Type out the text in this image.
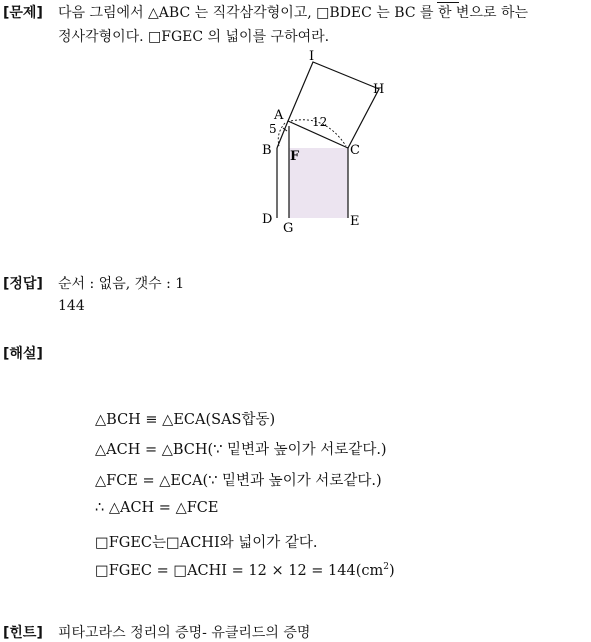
[문제] 다음 그림에서 △ABC 는 직각삼각형이고, □BDEC 는 BC 를 한 변으로 하는
정사각형이다. □FGEC 의 넓이를 구하여라.
I
H
A
C
B F
D
G	E
5	12
[정답] 순서 : 없음, 갯수 : 1
144
[해설]
△BCH ≡ △ECA(SAS합동)
△ACH = △BCH(∵ 밑변과 높이가 서로같다.)
△FCE = △ECA(∵ 밑변과 높이가 서로같다.)
∴ △ACH = △FCE
□FGEC는□ACHI와 넓이가 같다.
□FGEC = □ACHI = $12 \times 12 = 144(cm^2)$
[힌트] 피타고라스 정리의 증명- 유클리드의 증명
